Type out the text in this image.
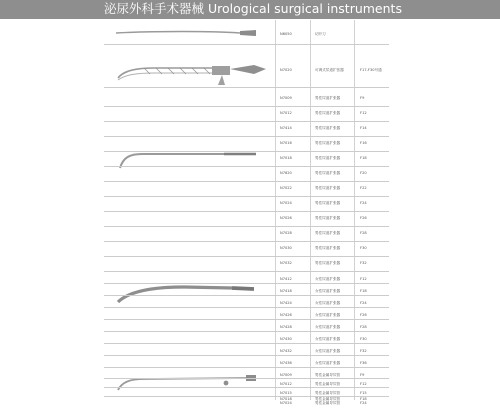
泌尿外科手术器械 Urological surgical instruments
N6050	切开刀
N7020	可调式尿道扩张器	F17-F30号通
N7009	男性尿道扩张器	F9
N7012	男性尿道扩张器	F12
N7414	男性尿道扩张器	F14
N7016	男性尿道扩张器	F16
N7018	男性尿道扩张器	F18
N7620	男性尿道扩张器	F20
N7022	男性尿道扩张器	F22
N7024	男性尿道扩张器	F24
N7026	男性尿道扩张器	F26
N7028	男性尿道扩张器	F28
N7030	男性尿道扩张器	F30
N7032	男性尿道扩张器	F32
N7412	女性尿道扩张器	F12
N7418	女性尿道扩张器	F18
N7424	女性尿道扩张器	F24
N7426	女性尿道扩张器	F26
N7428	女性尿道扩张器	F28
N7430	女性尿道扩张器	F30
N7432	女性尿道扩张器	F32
N7436	女性尿道扩张器	F36
N7009	男性金属导尿管	F9
N7012	男性金属导尿管	F12
N7015	男性金属导尿管	F15
N7018	男性金属导尿管	F18
N7024	男性金属导尿管	F24
